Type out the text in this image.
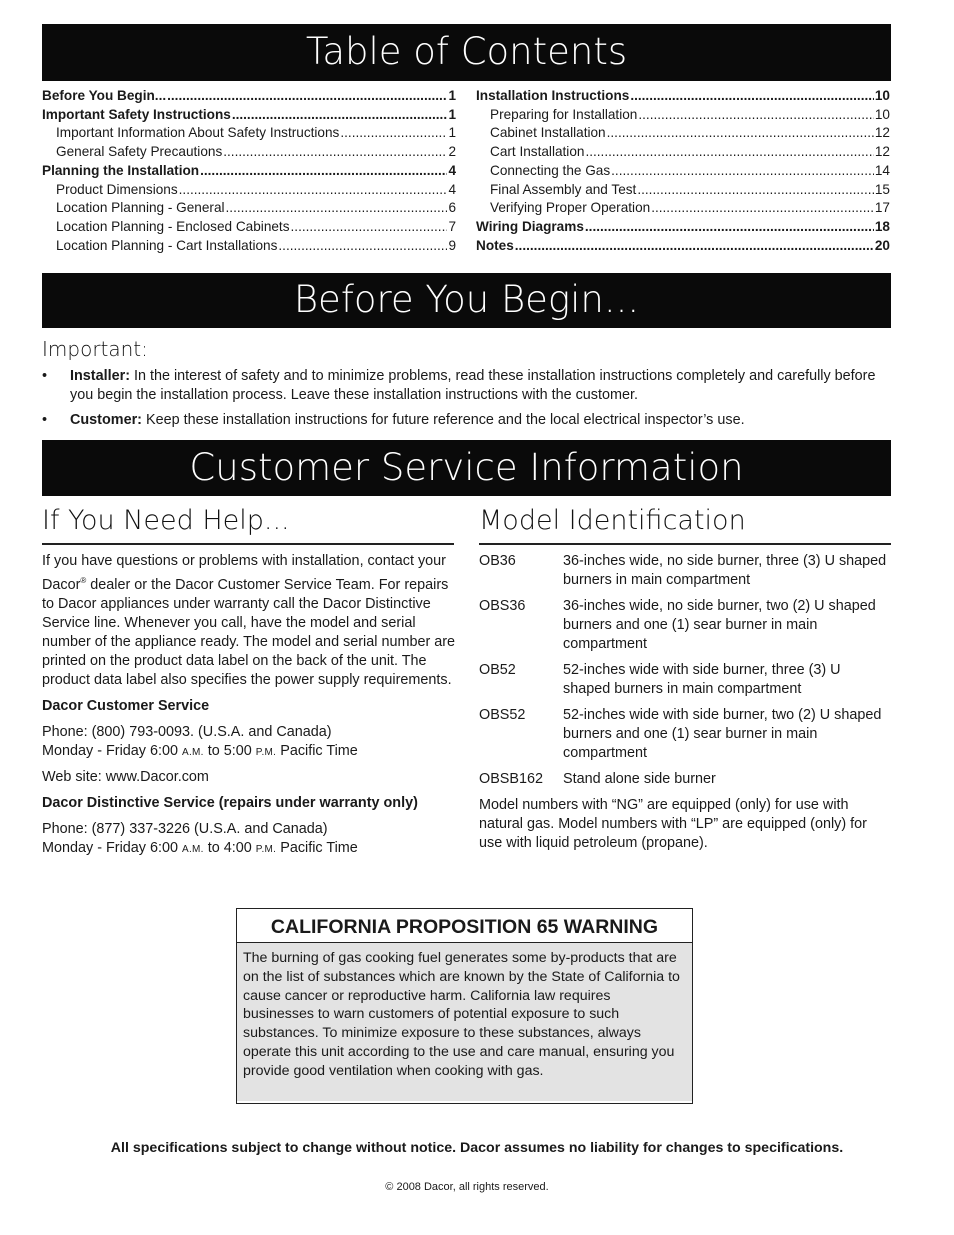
Table of Contents
Before You Begin... .....	1
Important Safety Instructions .....	1
Important Information About Safety Instructions .....	1
General Safety Precautions .....	2
Planning the Installation .....	4
Product Dimensions .....	4
Location Planning - General .....	6
Location Planning - Enclosed Cabinets .....	7
Location Planning - Cart Installations .....	9
Installation Instructions .....	10
Preparing for Installation .....	10
Cabinet Installation .....	12
Cart Installation .....	12
Connecting the Gas .....	14
Final Assembly and Test .....	15
Verifying Proper Operation .....	17
Wiring Diagrams .....	18
Notes .....	20
Before You Begin...
Important:
•	Installer: In the interest of safety and to minimize problems, read these installation instructions completely and carefully before you begin the installation process. Leave these installation instructions with the customer.
•	Customer: Keep these installation instructions for future reference and the local electrical inspector’s use.
Customer Service Information
If You Need Help...

If you have questions or problems with installation, contact your Dacor® dealer or the Dacor Customer Service Team. For repairs to Dacor appliances under warranty call the Dacor Distinctive Service line. Whenever you call, have the model and serial number of the appliance ready. The model and serial number are printed on the product data label on the back of the unit. The product data label also specifies the power supply requirements.

Dacor Customer Service

Phone: (800) 793-0093. (U.S.A. and Canada)
Monday - Friday 6:00 A.M. to 5:00 P.M. Pacific Time
Web site: www.Dacor.com

Dacor Distinctive Service (repairs under warranty only)

Phone: (877) 337-3226 (U.S.A. and Canada)
Monday - Friday 6:00 A.M. to 4:00 P.M. Pacific Time
Model Identification
OB36	36-inches wide, no side burner, three (3) U shaped burners in main compartment
OBS36	36-inches wide, no side burner, two (2) U shaped burners and one (1) sear burner in main compartment
OB52	52-inches wide with side burner, three (3) U shaped burners in main compartment
OBS52	52-inches wide with side burner, two (2) U shaped burners and one (1) sear burner in main compartment
OBSB162	Stand alone side burner
Model numbers with “NG” are equipped (only) for use with natural gas. Model numbers with “LP” are equipped (only) for use with liquid petroleum (propane).
CALIFORNIA PROPOSITION 65 WARNING
The burning of gas cooking fuel generates some by-products that are on the list of substances which are known by the State of California to cause cancer or reproductive harm. California law requires businesses to warn customers of potential exposure to such substances. To minimize exposure to these substances, always operate this unit according to the use and care manual, ensuring you provide good ventilation when cooking with gas.
All specifications subject to change without notice. Dacor assumes no liability for changes to specifications.
© 2008 Dacor, all rights reserved.
